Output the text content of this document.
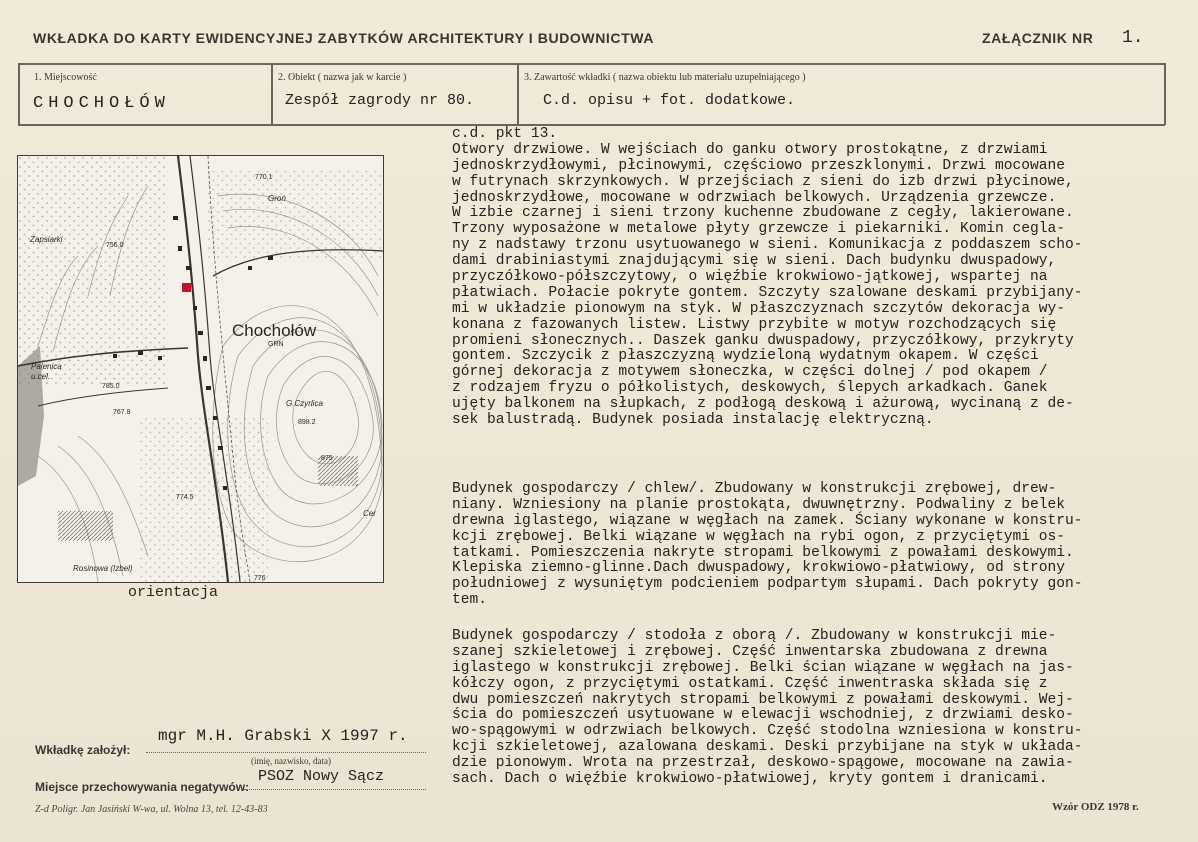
WKŁADKA DO KARTY EWIDENCYJNEJ ZABYTKÓW ARCHITEKTURY I BUDOWNICTWA	ZAŁĄCZNIK NR 1.
1. Miejscowość
CHOCHOŁÓW
2. Obiekt ( nazwa jak w karcie )
Zespół zagrody nr 80.
3. Zawartość wkładki ( nazwa obiektu lub materiału uzupełniającego )
C.d. opisu + fot. dodatkowe.
Chochołów
GRN
Groń
Zapsiarki
Palenica
u.cel.
G.Czyrlica
Rosinowa (Izbel)
Cer
770.1
756.0
785.0
767.8
898.2
875
774.5
776
orientacja
c.d. pkt 13.
Otwory drzwiowe. W wejściach do ganku otwory prostokątne, z drzwiami
jednoskrzydłowymi, płcinowymi, częściowo przeszklonymi. Drzwi mocowane
w futrynach skrzynkowych. W przejściach z sieni do izb drzwi płycinowe,
jednoskrzydłowe, mocowane w odrzwiach belkowych. Urządzenia grzewcze.
W izbie czarnej i sieni trzony kuchenne zbudowane z cegły, lakierowane.
Trzony wyposażone w metalowe płyty grzewcze i piekarniki. Komin cegla-
ny z nadstawy trzonu usytuowanego w sieni. Komunikacja z poddaszem scho-
dami drabiniastymi znajdującymi się w sieni. Dach budynku dwuspadowy,
przyczółkowo-półszczytowy, o więźbie krokwiowo-jątkowej, wspartej na
płatwiach. Połacie pokryte gontem. Szczyty szalowane deskami przybijany-
mi w układzie pionowym na styk. W płaszczyznach szczytów dekoracja wy-
konana z fazowanych listew. Listwy przybite w motyw rozchodzących się
promieni słonecznych.. Daszek ganku dwuspadowy, przyczółkowy, przykryty
gontem. Szczycik z płaszczyzną wydzieloną wydatnym okapem. W części
górnej dekoracja z motywem słoneczka, w części dolnej / pod okapem /
z rodzajem fryzu o półkolistych, deskowych, ślepych arkadkach. Ganek
ujęty balkonem na słupkach, z podłogą deskową i ażurową, wycinaną z de-
sek balustradą. Budynek posiada instalację elektryczną.
Budynek gospodarczy / chlew/. Zbudowany w konstrukcji zrębowej, drew-
niany. Wzniesiony na planie prostokąta, dwuwnętrzny. Podwaliny z belek
drewna iglastego, wiązane w węgłach na zamek. Ściany wykonane w konstru-
kcji zrębowej. Belki wiązane w węgłach na rybi ogon, z przyciętymi os-
tatkami. Pomieszczenia nakryte stropami belkowymi z powałami deskowymi.
Klepiska ziemno-glinne.Dach dwuspadowy, krokwiowo-płatwiowy, od strony
południowej z wysuniętym podcieniem podpartym słupami. Dach pokryty gon-
tem.
Budynek gospodarczy / stodoła z oborą /. Zbudowany w konstrukcji mie-
szanej szkieletowej i zrębowej. Część inwentarska zbudowana z drewna
iglastego w konstrukcji zrębowej. Belki ścian wiązane w węgłach na jas-
kółczy ogon, z przyciętymi ostatkami. Część inwentraska składa się z
dwu pomieszczeń nakrytych stropami belkowymi z powałami deskowymi. Wej-
ścia do pomieszczeń usytuowane w elewacji wschodniej, z drzwiami desko-
wo-spągowymi w odrzwiach belkowych. Część stodolna wzniesiona w konstru-
kcji szkieletowej, azalowana deskami. Deski przybijane na styk w układa-
dzie pionowym. Wrota na przestrzał, deskowo-spągowe, mocowane na zawia-
sach. Dach o więźbie krokwiowo-płatwiowej, kryty gontem i dranicami.
mgr M.H. Grabski X 1997 r.
Wkładkę założył:
(imię, nazwisko, data)
PSOZ Nowy Sącz
Miejsce przechowywania negatywów:
Z-d Poligr. Jan Jasiński W-wa, ul. Wolna 13, tel. 12-43-83	Wzór ODZ 1978 r.
